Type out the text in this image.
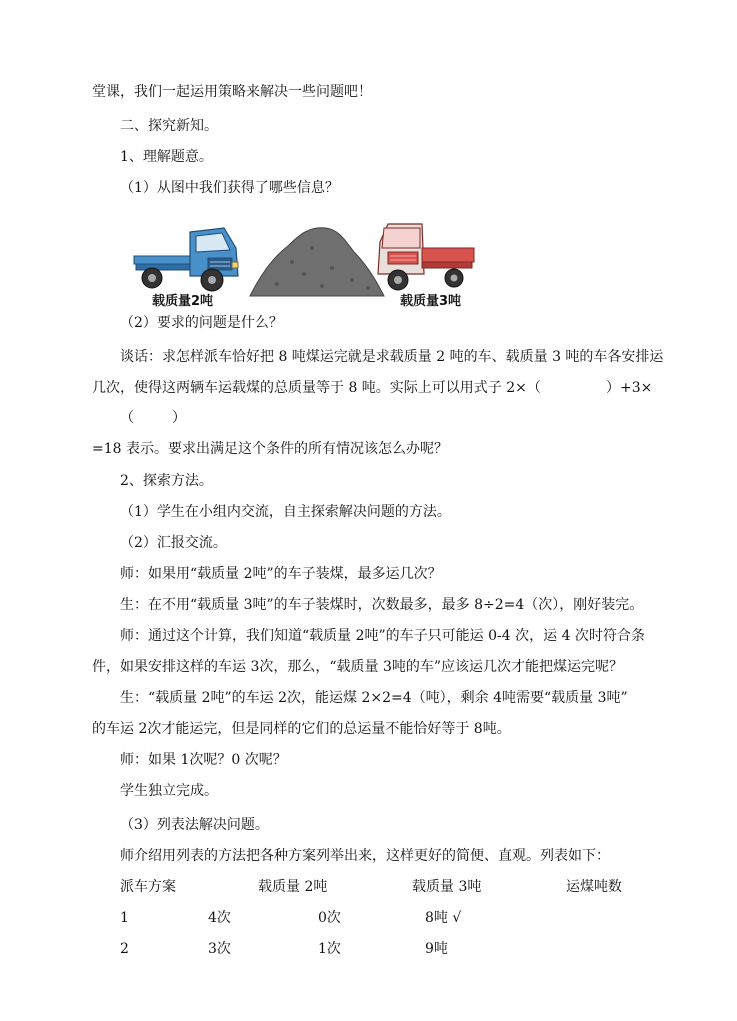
堂课，我们一起运用策略来解决一些问题吧！
二、探究新知。
1、理解题意。
（1）从图中我们获得了哪些信息？
载质量2吨	载质量3吨
（2）要求的问题是什么？
谈话：求怎样派车恰好把 8 吨煤运完就是求载质量 2 吨的车、载质量 3 吨的车各安排运
几次，使得这两辆车运载煤的总质量等于 8 吨。实际上可以用式子 2×（	）+3×
（	）
=18 表示。要求出满足这个条件的所有情况该怎么办呢？
2、探索方法。
（1）学生在小组内交流，自主探索解决问题的方法。
（2）汇报交流。
师：如果用“载质量 2吨”的车子装煤，最多运几次？
生：在不用“载质量 3吨”的车子装煤时，次数最多，最多 8÷2=4（次），刚好装完。
师：通过这个计算，我们知道“载质量 2吨”的车子只可能运 0-4 次，运 4 次时符合条
件，如果安排这样的车运 3次，那么，“载质量 3吨的车”应该运几次才能把煤运完呢？
生：“载质量 2吨”的车运 2次，能运煤 2×2=4（吨），剩余 4吨需要“载质量 3吨”
的车运 2次才能运完，但是同样的它们的总运量不能恰好等于 8吨。
师：如果 1次呢？0 次呢？
学生独立完成。
（3）列表法解决问题。
师介绍用列表的方法把各种方案列举出来，这样更好的简便、直观。列表如下：
派车方案	载质量 2吨	载质量 3吨	运煤吨数
1	4次	0次	8吨 √
2	3次	1次	9吨
